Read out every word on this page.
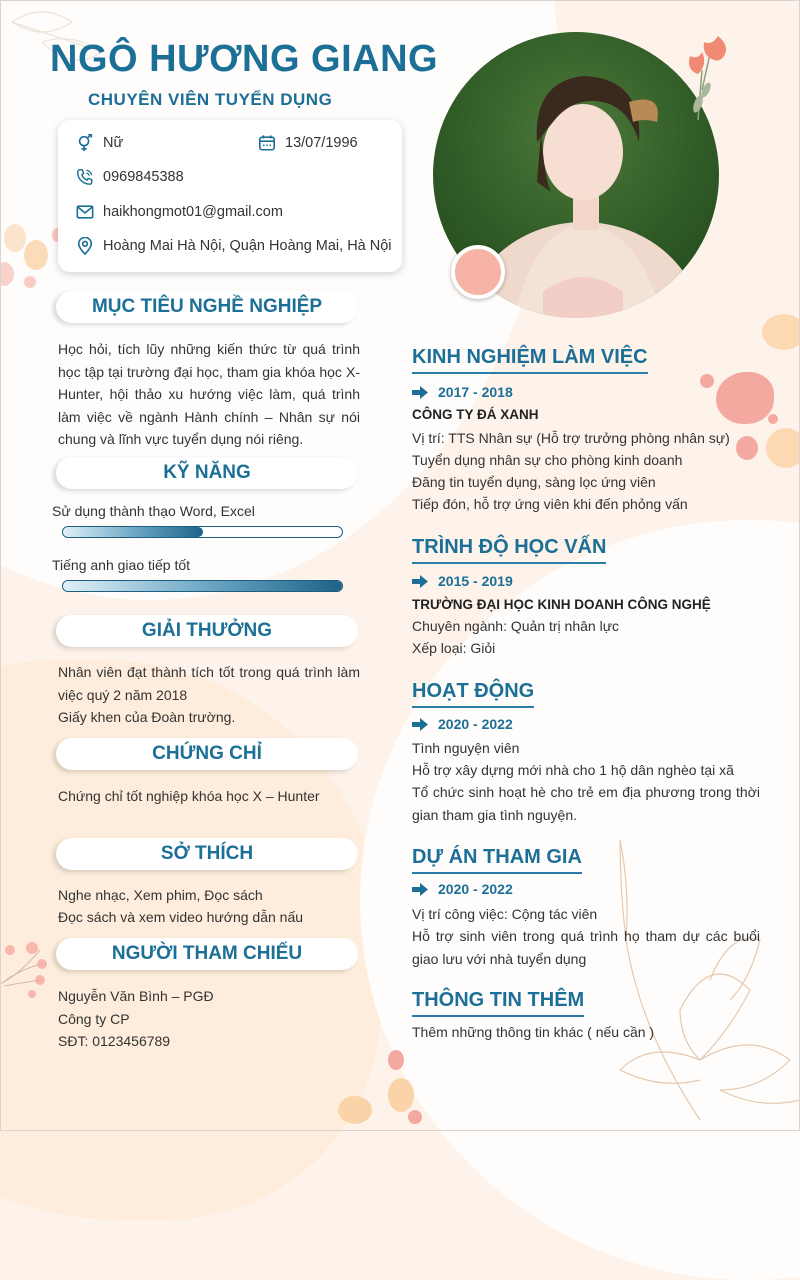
NGÔ HƯƠNG GIANG
CHUYÊN VIÊN TUYỂN DỤNG
Nữ	13/07/1996
0969845388
haikhongmot01@gmail.com
Hoàng Mai Hà Nội, Quận Hoàng Mai, Hà Nội
MỤC TIÊU NGHỀ NGHIỆP
Học hỏi, tích lũy những kiến thức từ quá trình học tập tại trường đại học, tham gia khóa học X- Hunter, hội thảo xu hướng việc làm, quá trình làm việc về ngành Hành chính – Nhân sự nói chung và lĩnh vực tuyển dụng nói riêng.
KỸ NĂNG
Sử dụng thành thạo Word, Excel
Tiếng anh giao tiếp tốt
GIẢI THƯỞNG
Nhân viên đạt thành tích tốt trong quá trình làm việc quý 2 năm 2018
Giấy khen của Đoàn trường.
CHỨNG CHỈ
Chứng chỉ tốt nghiệp khóa học X – Hunter
SỞ THÍCH
Nghe nhạc, Xem phim, Đọc sách
Đọc sách và xem video hướng dẫn nấu
NGƯỜI THAM CHIẾU
Nguyễn Văn Bình – PGĐ
Công ty CP
SĐT: 0123456789
KINH NGHIỆM LÀM VIỆC
2017 - 2018
CÔNG TY ĐÁ XANH
Vị trí: TTS Nhân sự (Hỗ trợ trưởng phòng nhân sự)
Tuyển dụng nhân sự cho phòng kinh doanh
Đăng tin tuyển dụng, sàng lọc ứng viên
Tiếp đón, hỗ trợ ứng viên khi đến phỏng vấn
TRÌNH ĐỘ HỌC VẤN
2015 - 2019
TRƯỜNG ĐẠI HỌC KINH DOANH CÔNG NGHỆ
Chuyên ngành: Quản trị nhân lực
Xếp loại: Giỏi
HOẠT ĐỘNG
2020 - 2022
Tình nguyện viên
Hỗ trợ xây dựng mới nhà cho 1 hộ dân nghèo tại xã
Tổ chức sinh hoạt hè cho trẻ em địa phương trong thời gian tham gia tình nguyện.
DỰ ÁN THAM GIA
2020 - 2022
Vị trí công việc: Cộng tác viên
Hỗ trợ sinh viên trong quá trình họ tham dự các buổi giao lưu với nhà tuyển dụng
THÔNG TIN THÊM
Thêm những thông tin khác ( nếu cần )
